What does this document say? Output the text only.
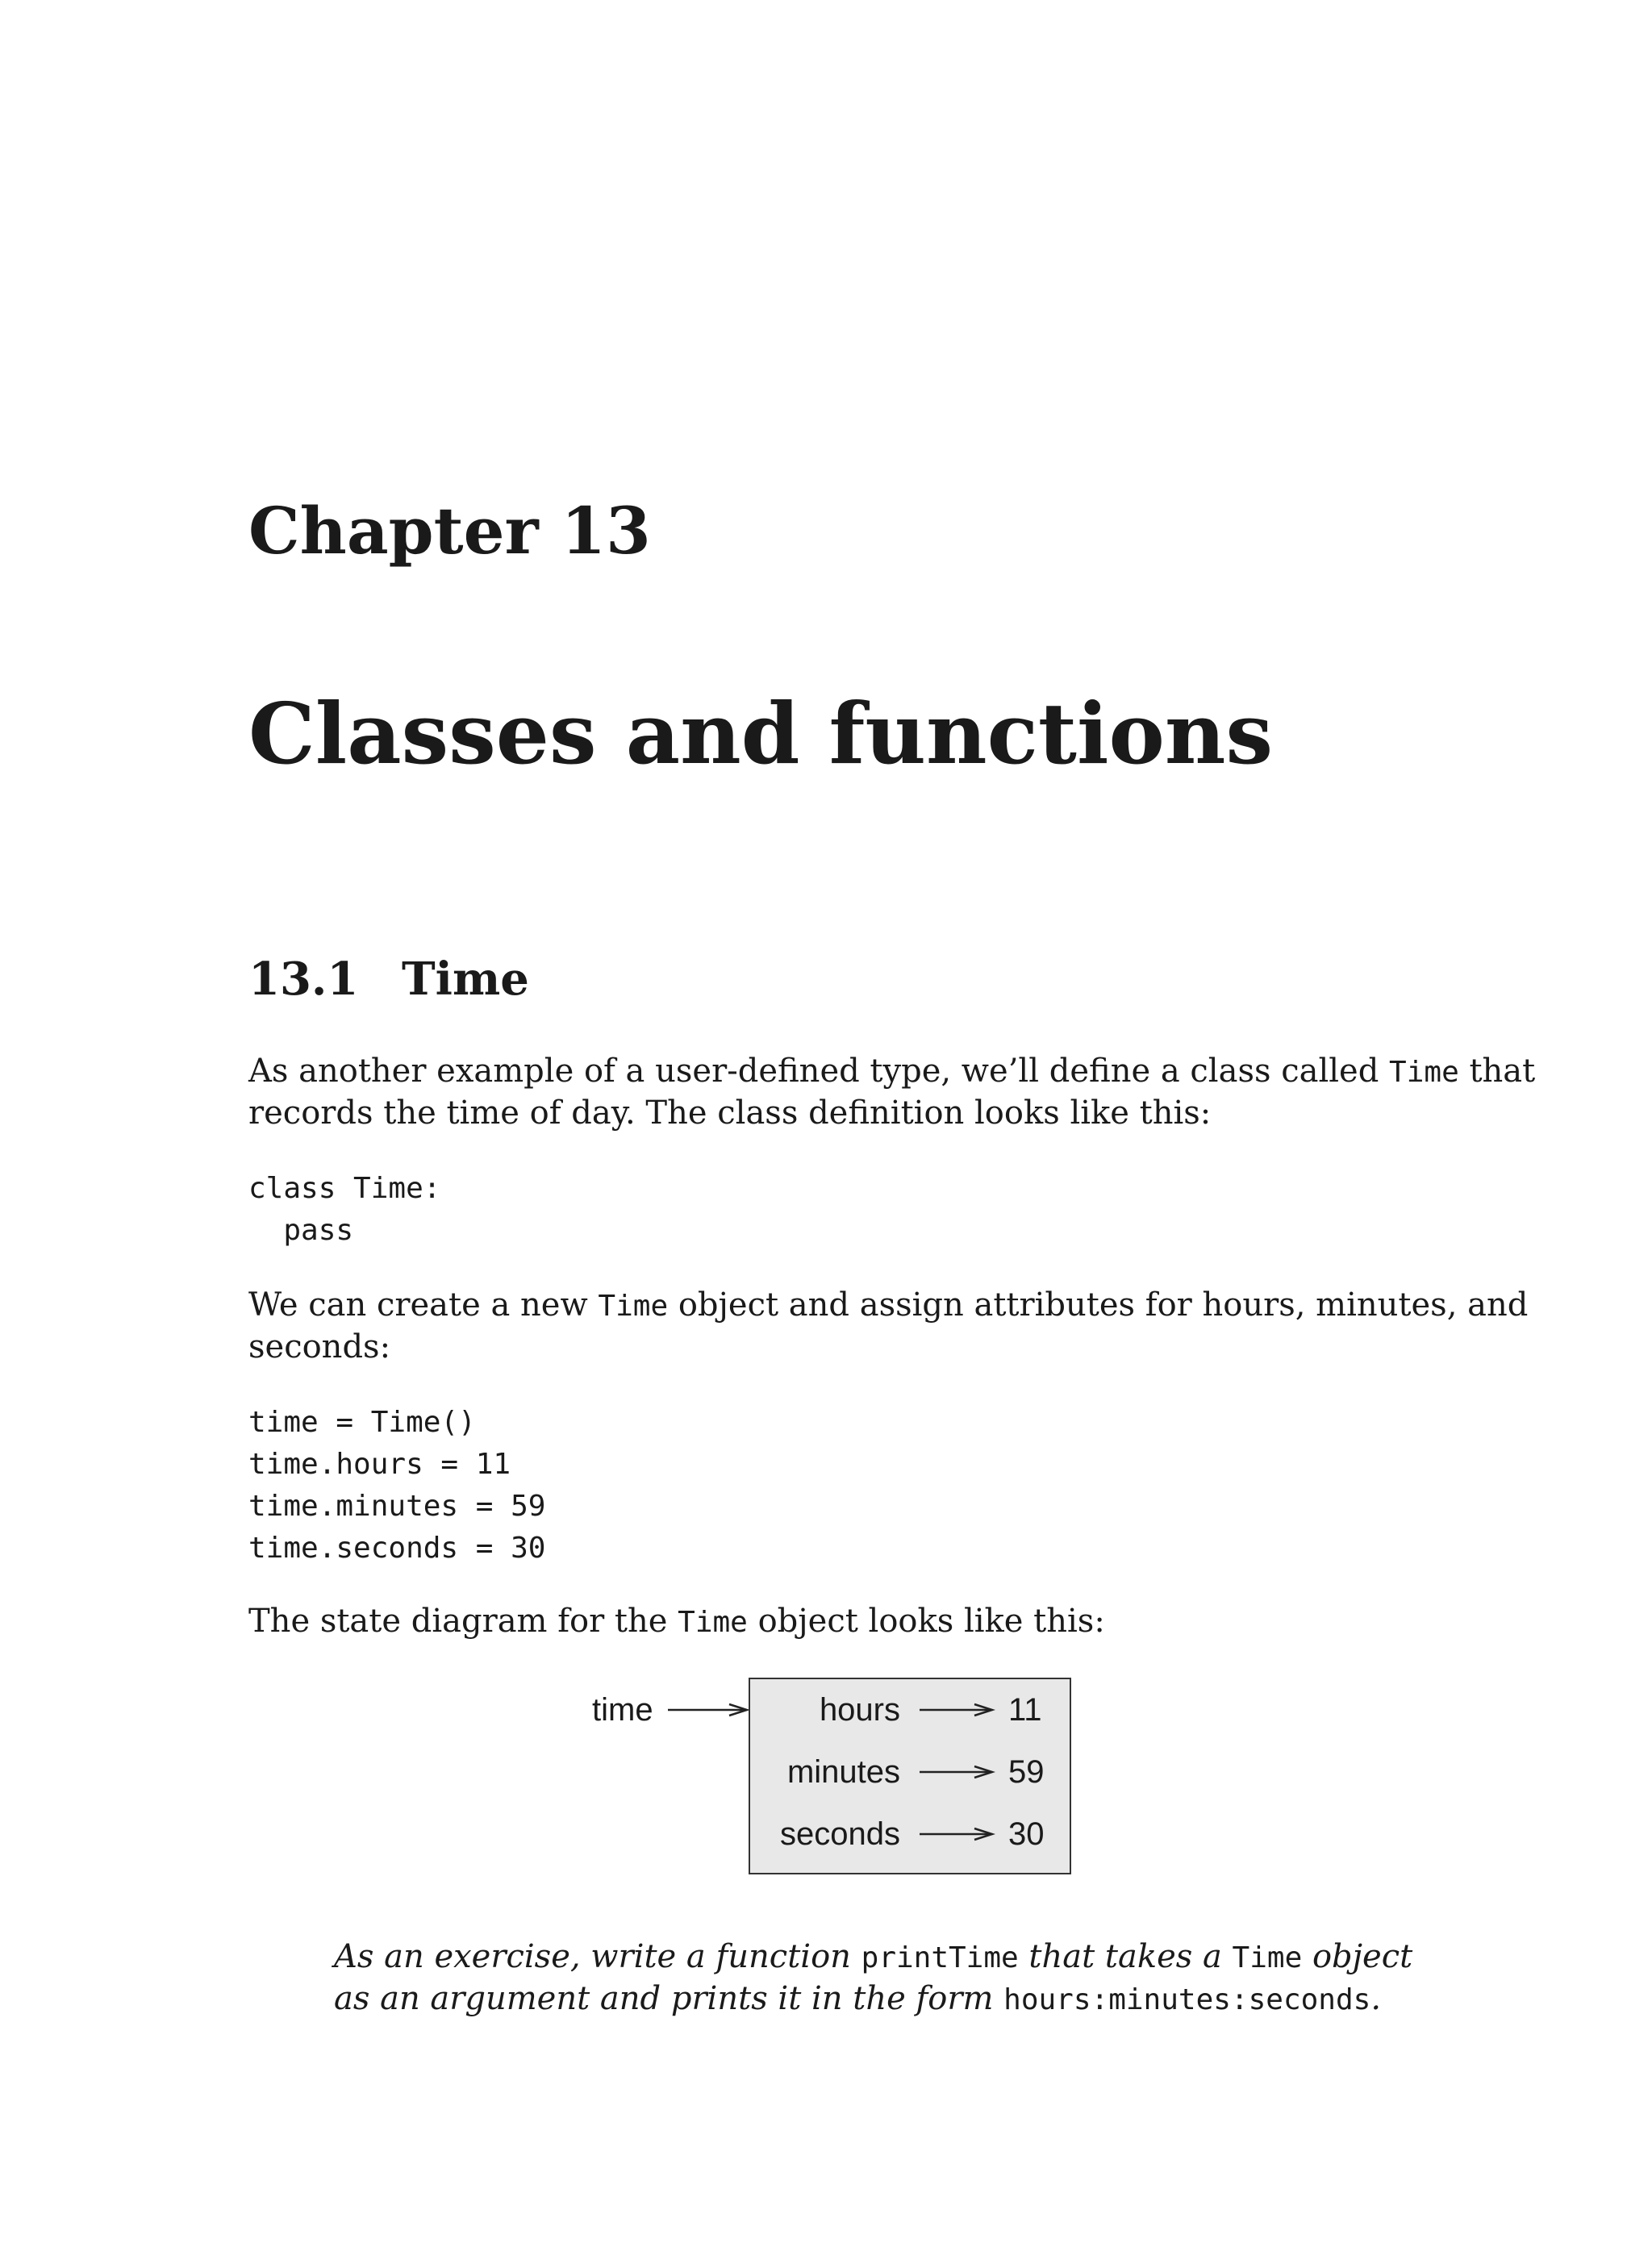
Chapter 13
Classes and functions
13.1 Time
As another example of a user-defined type, we’ll define a class called Time that
records the time of day. The class definition looks like this:
class Time:
pass
We can create a new Time object and assign attributes for hours, minutes, and
seconds:
time = Time()
time.hours = 11
time.minutes = 59
time.seconds = 30
The state diagram for the Time object looks like this:
time	hours	11
minutes	59
seconds	30
As an exercise, write a function printTime that takes a Time object
as an argument and prints it in the form hours:minutes:seconds.
